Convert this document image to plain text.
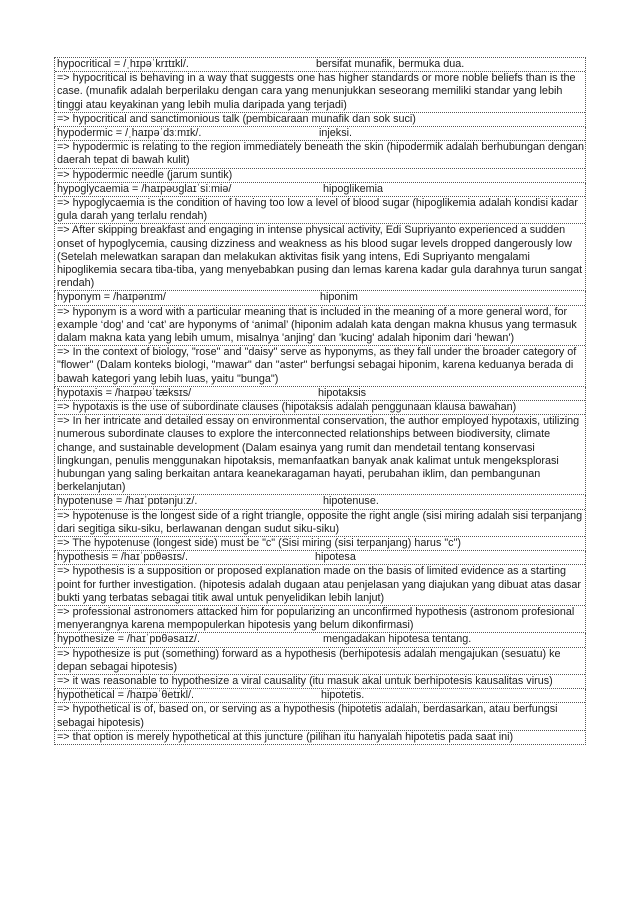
hypocritical = /ˌhɪpəˈkrɪtɪkl/.	bersifat munafik, bermuka dua.
=> hypocritical is behaving in a way that suggests one has higher standards or more noble beliefs than is the case. (munafik adalah berperilaku dengan cara yang menunjukkan seseorang memiliki standar yang lebih tinggi atau keyakinan yang lebih mulia daripada yang terjadi)
=> hypocritical and sanctimonious talk (pembicaraan munafik dan sok suci)
hypodermic = /ˌhaɪpəˈdɜːmɪk/.	injeksi.
=> hypodermic is relating to the region immediately beneath the skin (hipodermik adalah berhubungan dengan daerah tepat di bawah kulit)
=> hypodermic needle (jarum suntik)
hypoglycaemia = /haɪpəʊglaɪˈsiːmiə/	hipoglikemia
=> hypoglycaemia is the condition of having too low a level of blood sugar (hipoglikemia adalah kondisi kadar gula darah yang terlalu rendah)
=> After skipping breakfast and engaging in intense physical activity, Edi Supriyanto experienced a sudden onset of hypoglycemia, causing dizziness and weakness as his blood sugar levels dropped dangerously low (Setelah melewatkan sarapan dan melakukan aktivitas fisik yang intens, Edi Supriyanto mengalami hipoglikemia secara tiba-tiba, yang menyebabkan pusing dan lemas karena kadar gula darahnya turun sangat rendah)
hyponym = /haɪpənɪm/	hiponim
=> hyponym is a word with a particular meaning that is included in the meaning of a more general word, for example ‘dog’ and ‘cat’ are hyponyms of ‘animal’ (hiponim adalah kata dengan makna khusus yang termasuk dalam makna kata yang lebih umum, misalnya 'anjing' dan 'kucing' adalah hiponim dari 'hewan')
=> In the context of biology, "rose" and "daisy" serve as hyponyms, as they fall under the broader category of "flower" (Dalam konteks biologi, "mawar" dan "aster" berfungsi sebagai hiponim, karena keduanya berada di bawah kategori yang lebih luas, yaitu "bunga")
hypotaxis = /haɪpəʊˈtæksɪs/	hipotaksis
=> hypotaxis is the use of subordinate clauses (hipotaksis adalah penggunaan klausa bawahan)
=> In her intricate and detailed essay on environmental conservation, the author employed hypotaxis, utilizing numerous subordinate clauses to explore the interconnected relationships between biodiversity, climate change, and sustainable development (Dalam esainya yang rumit dan mendetail tentang konservasi lingkungan, penulis menggunakan hipotaksis, memanfaatkan banyak anak kalimat untuk mengeksplorasi hubungan yang saling berkaitan antara keanekaragaman hayati, perubahan iklim, dan pembangunan berkelanjutan)
hypotenuse = /haɪˈpɒtənjuːz/.	hipotenuse.
=> hypotenuse is the longest side of a right triangle, opposite the right angle (sisi miring adalah sisi terpanjang dari segitiga siku-siku, berlawanan dengan sudut siku-siku)
=> The hypotenuse (longest side) must be "c" (Sisi miring (sisi terpanjang) harus "c")
hypothesis = /haɪˈpɒθəsɪs/.	hipotesa
=> hypothesis is a supposition or proposed explanation made on the basis of limited evidence as a starting point for further investigation. (hipotesis adalah dugaan atau penjelasan yang diajukan yang dibuat atas dasar bukti yang terbatas sebagai titik awal untuk penyelidikan lebih lanjut)
=> professional astronomers attacked him for popularizing an unconfirmed hypothesis (astronom profesional menyerangnya karena mempopulerkan hipotesis yang belum dikonfirmasi)
hypothesize = /haɪˈpɒθəsaɪz/.	mengadakan hipotesa tentang.
=> hypothesize is put (something) forward as a hypothesis (berhipotesis adalah mengajukan (sesuatu) ke depan sebagai hipotesis)
=> it was reasonable to hypothesize a viral causality (itu masuk akal untuk berhipotesis kausalitas virus)
hypothetical = /haɪpəˈθetɪkl/.	hipotetis.
=> hypothetical is of, based on, or serving as a hypothesis (hipotetis adalah, berdasarkan, atau berfungsi sebagai hipotesis)
=> that option is merely hypothetical at this juncture (pilihan itu hanyalah hipotetis pada saat ini)
